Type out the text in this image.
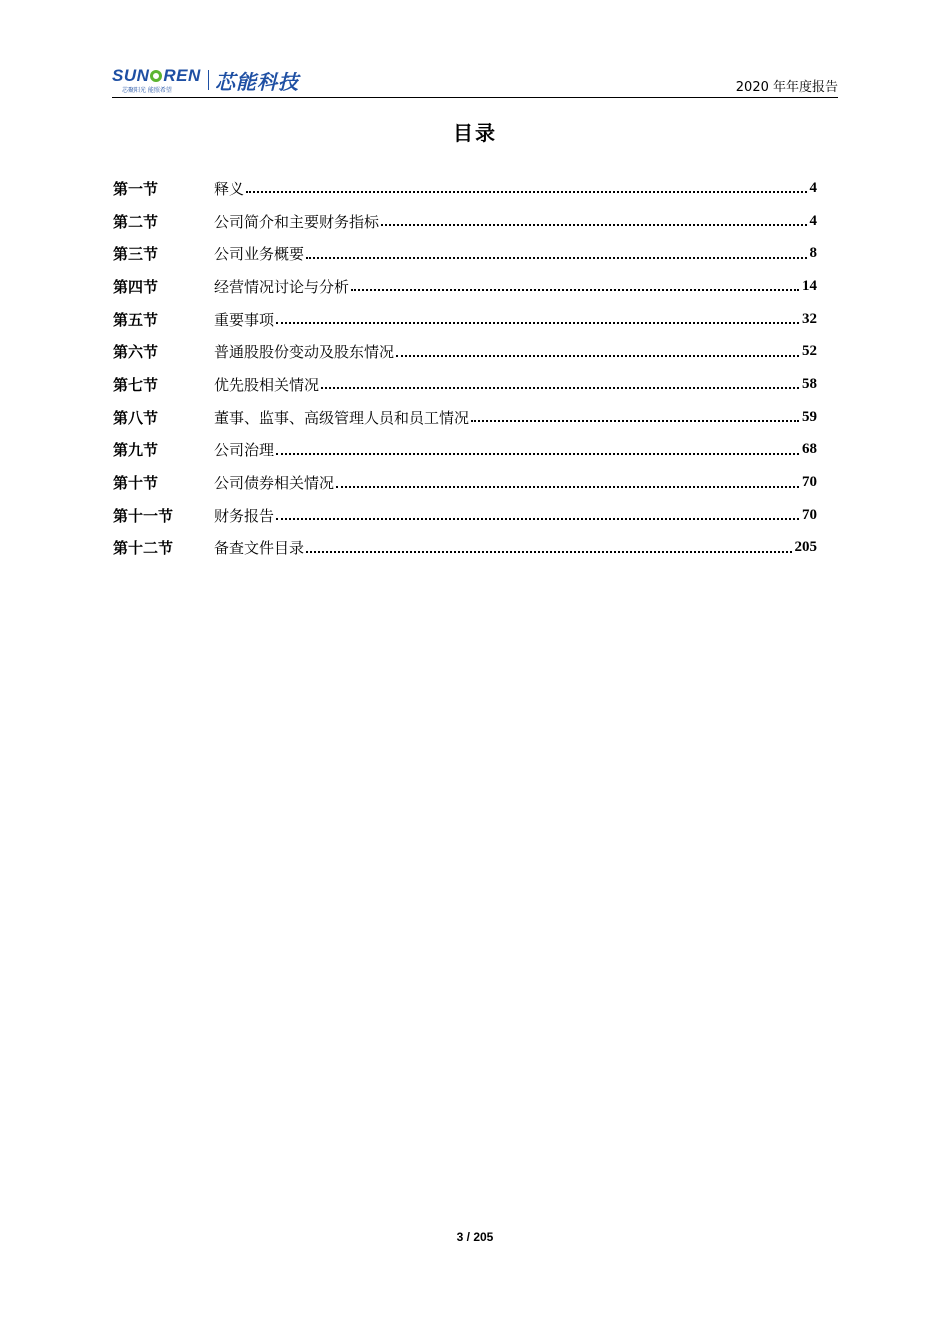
SUN REN
芯聚阳光 能照希望 芯能科技	2020 年年度报告
目录
第一节	释义	4
第二节	公司简介和主要财务指标	4
第三节	公司业务概要	8
第四节	经营情况讨论与分析	14
第五节	重要事项	32
第六节	普通股股份变动及股东情况	52
第七节	优先股相关情况	58
第八节	董事、监事、高级管理人员和员工情况	59
第九节	公司治理	68
第十节	公司债券相关情况	70
第十一节	财务报告	70
第十二节	备查文件目录	205
3 / 205
